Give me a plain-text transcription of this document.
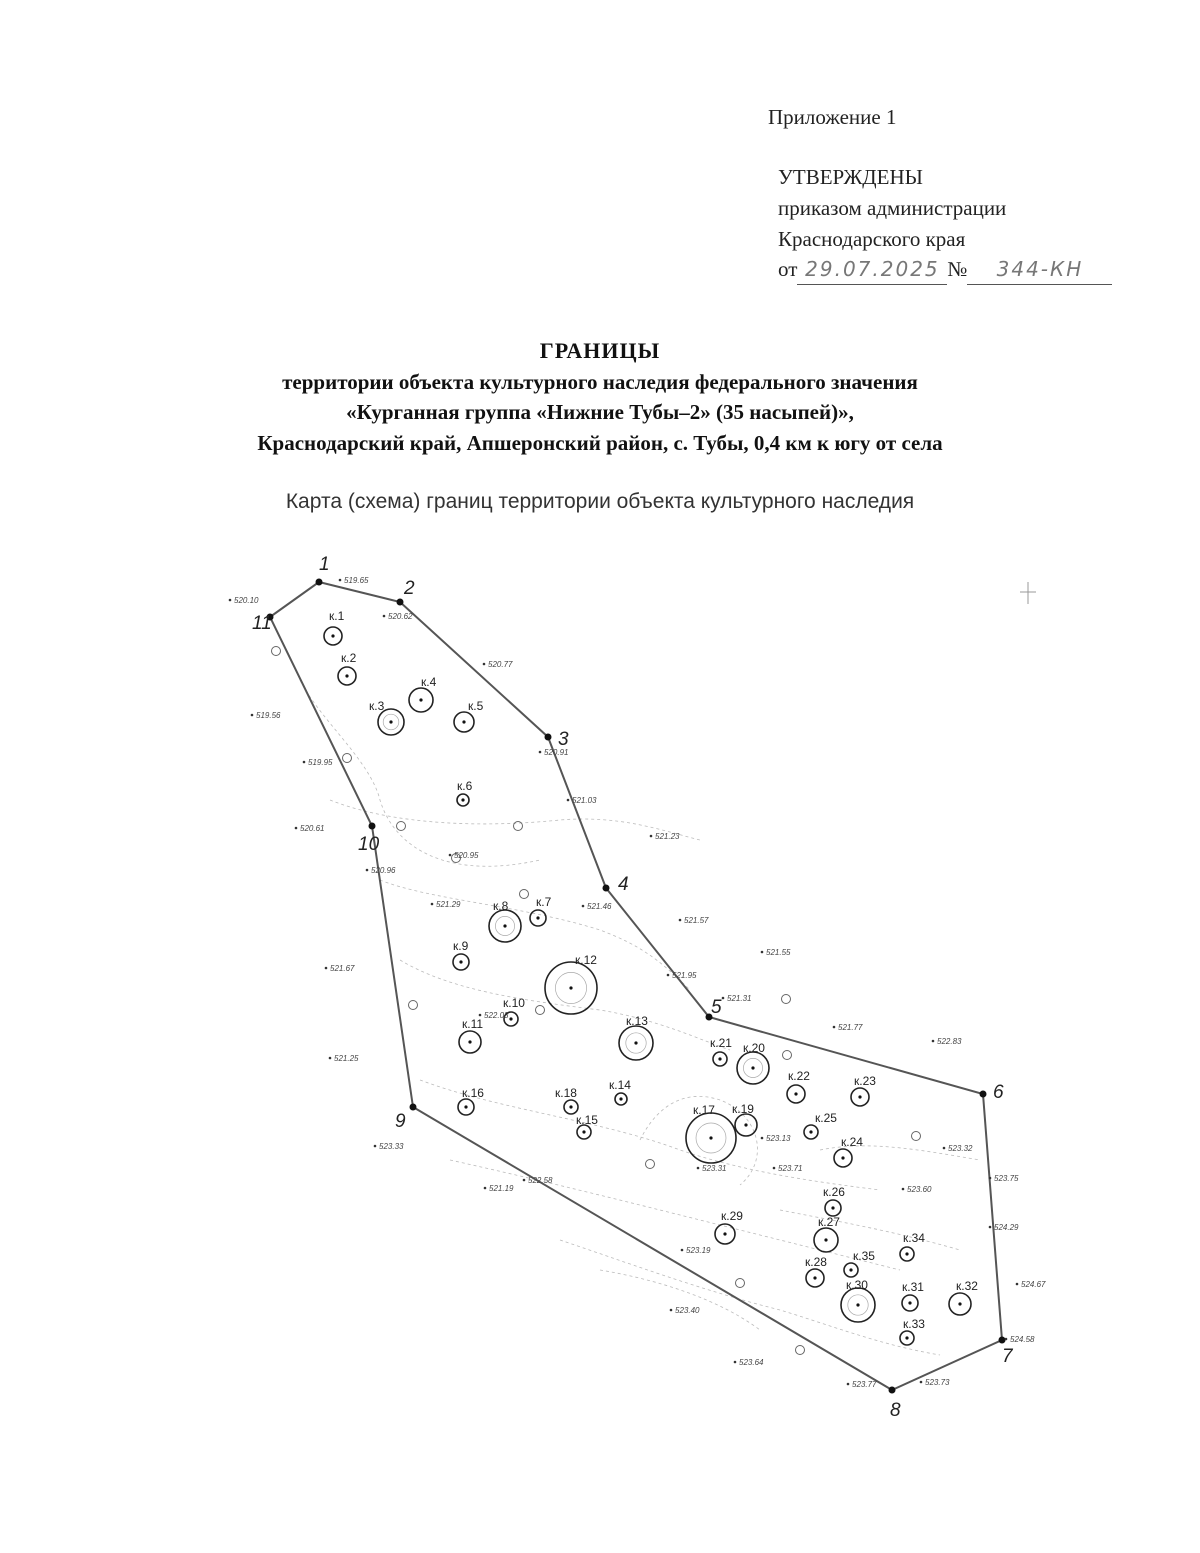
Приложение 1
УТВЕРЖДЕНЫ
приказом администрации
Краснодарского края
от 29.07.2025 № 344-КН
ГРАНИЦЫ
территории объекта культурного наследия федерального значения
«Курганная группа «Нижние Тубы–2» (35 насыпей)»,
Краснодарский край, Апшеронский район, с. Тубы, 0,4 км к югу от села
Карта (схема) границ территории объекта культурного наследия
к.1
к.2
к.3
к.4
к.5
к.6
к.7
к.8
к.9
к.10
к.11
к.12
к.13
к.14
к.15
к.16
к.17
к.18
к.19
к.20
к.21
к.22	к.23
к.24
к.25
к.26
к.27
к.28
к.29
к.30	к.31	к.32
к.33
к.34
к.35
1
2
3
4
5
6
7
8
9
10
11
519.65
520.10
520.62
520.77
519.56
520.91
519.95
521.03
521.23
520.61
520.95
520.96
521.29	521.46
521.57
521.67
521.55
521.95
521.31
521.25
521.77
522.83
523.33
521.19
522.58
523.40
523.64
523.32
523.75
523.60
524.29
524.67
524.58
523.77	523.73
523.71
523.31
523.19
523.13
522.03
